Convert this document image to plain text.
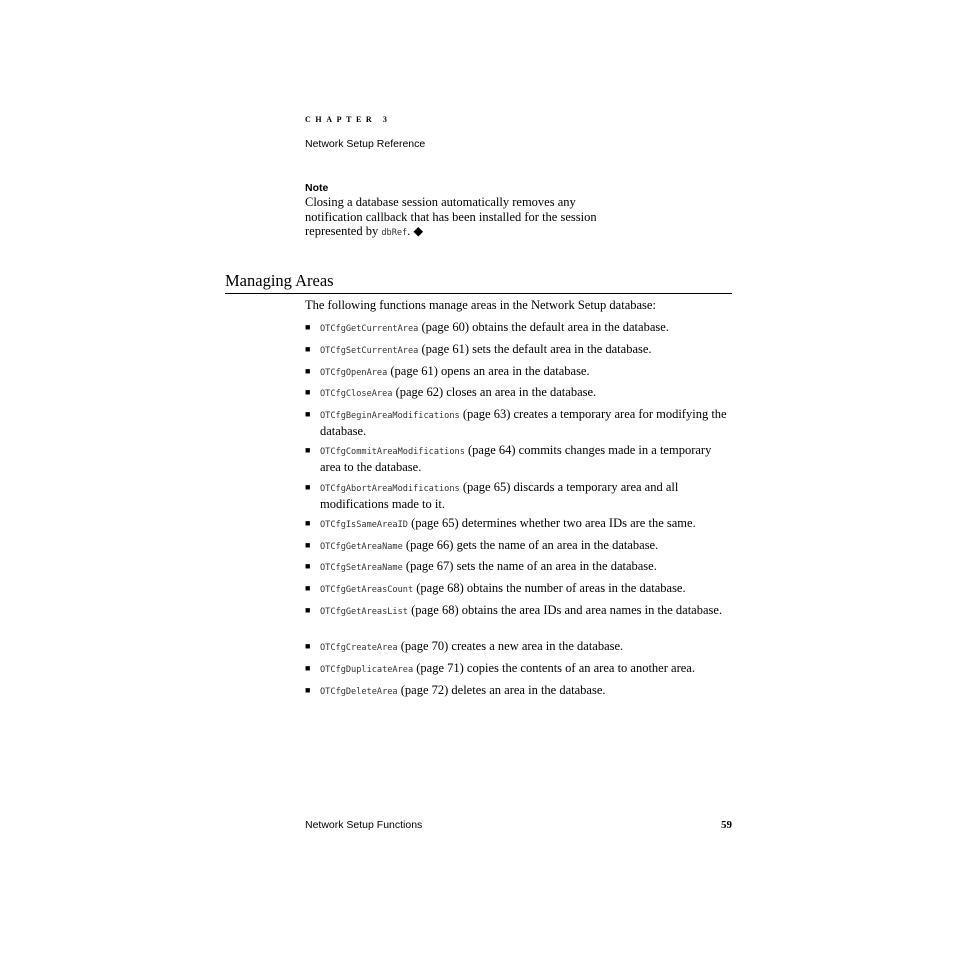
CHAPTER 3
Network Setup Reference
Note
Closing a database session automatically removes any notification callback that has been installed for the session represented by dbRef. ◆
Managing Areas
The following functions manage areas in the Network Setup database:
■ OTCfgGetCurrentArea (page 60) obtains the default area in the database.
■ OTCfgSetCurrentArea (page 61) sets the default area in the database.
■ OTCfgOpenArea (page 61) opens an area in the database.
■ OTCfgCloseArea (page 62) closes an area in the database.
■ OTCfgBeginAreaModifications (page 63) creates a temporary area for modifying the database.
■ OTCfgCommitAreaModifications (page 64) commits changes made in a temporary area to the database.
■ OTCfgAbortAreaModifications (page 65) discards a temporary area and all modifications made to it.
■ OTCfgIsSameAreaID (page 65) determines whether two area IDs are the same.
■ OTCfgGetAreaName (page 66) gets the name of an area in the database.
■ OTCfgSetAreaName (page 67) sets the name of an area in the database.
■ OTCfgGetAreasCount (page 68) obtains the number of areas in the database.
■ OTCfgGetAreasList (page 68) obtains the area IDs and area names in the database.
■ OTCfgCreateArea (page 70) creates a new area in the database.
■ OTCfgDuplicateArea (page 71) copies the contents of an area to another area.
■ OTCfgDeleteArea (page 72) deletes an area in the database.
Network Setup Functions	59
